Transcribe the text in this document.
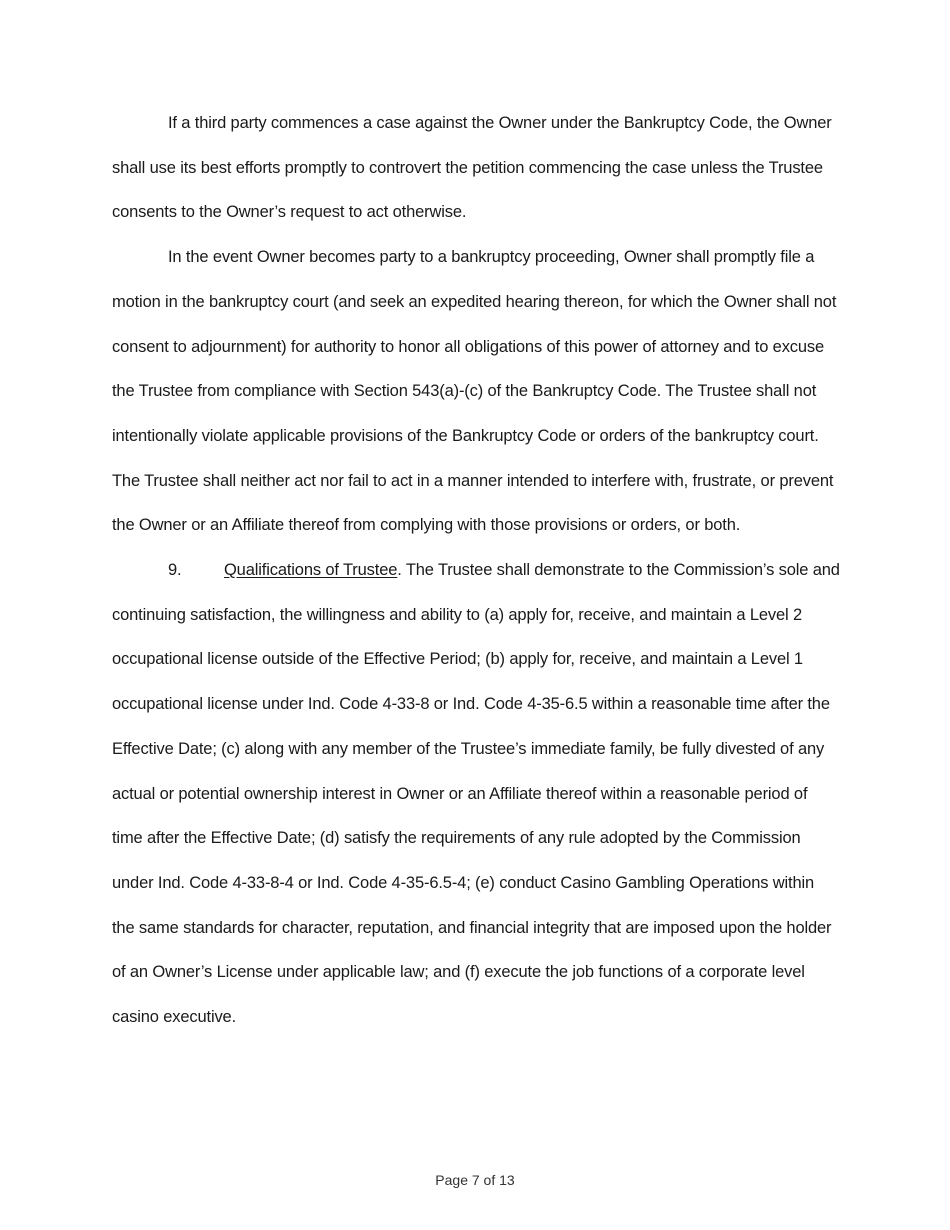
If a third party commences a case against the Owner under the Bankruptcy Code, the Owner shall use its best efforts promptly to controvert the petition commencing the case unless the Trustee consents to the Owner’s request to act otherwise.

In the event Owner becomes party to a bankruptcy proceeding, Owner shall promptly file a motion in the bankruptcy court (and seek an expedited hearing thereon, for which the Owner shall not consent to adjournment) for authority to honor all obligations of this power of attorney and to excuse the Trustee from compliance with Section 543(a)-(c) of the Bankruptcy Code. The Trustee shall not intentionally violate applicable provisions of the Bankruptcy Code or orders of the bankruptcy court. The Trustee shall neither act nor fail to act in a manner intended to interfere with, frustrate, or prevent the Owner or an Affiliate thereof from complying with those provisions or orders, or both.

9.	Qualifications of Trustee. The Trustee shall demonstrate to the Commission’s sole and continuing satisfaction, the willingness and ability to (a) apply for, receive, and maintain a Level 2 occupational license outside of the Effective Period; (b) apply for, receive, and maintain a Level 1 occupational license under Ind. Code 4-33-8 or Ind. Code 4-35-6.5 within a reasonable time after the Effective Date; (c) along with any member of the Trustee’s immediate family, be fully divested of any actual or potential ownership interest in Owner or an Affiliate thereof within a reasonable period of time after the Effective Date; (d) satisfy the requirements of any rule adopted by the Commission under Ind. Code 4-33-8-4 or Ind. Code 4-35-6.5-4; (e) conduct Casino Gambling Operations within the same standards for character, reputation, and financial integrity that are imposed upon the holder of an Owner’s License under applicable law; and (f) execute the job functions of a corporate level casino executive.

Page 7 of 13
